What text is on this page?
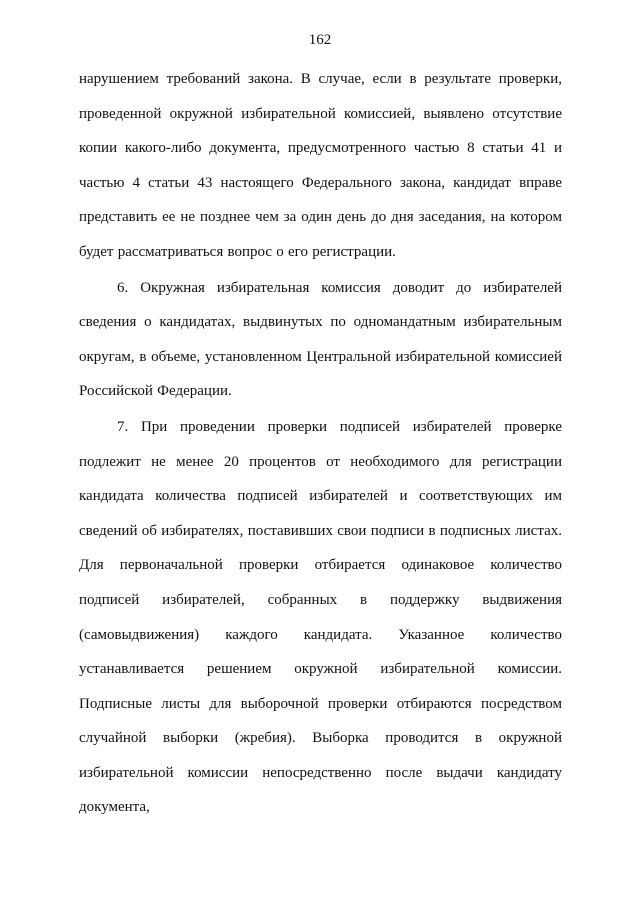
162

нарушением требований закона. В случае, если в результате проверки, проведенной окружной избирательной комиссией, выявлено отсутствие копии какого-либо документа, предусмотренного частью 8 статьи 41 и частью 4 статьи 43 настоящего Федерального закона, кандидат вправе представить ее не позднее чем за один день до дня заседания, на котором будет рассматриваться вопрос о его регистрации.

6. Окружная избирательная комиссия доводит до избирателей сведения о кандидатах, выдвинутых по одномандатным избирательным округам, в объеме, установленном Центральной избирательной комиссией Российской Федерации.

7. При проведении проверки подписей избирателей проверке подлежит не менее 20 процентов от необходимого для регистрации кандидата количества подписей избирателей и соответствующих им сведений об избирателях, поставивших свои подписи в подписных листах. Для первоначальной проверки отбирается одинаковое количество подписей избирателей, собранных в поддержку выдвижения (самовыдвижения) каждого кандидата. Указанное количество устанавливается решением окружной избирательной комиссии. Подписные листы для выборочной проверки отбираются посредством случайной выборки (жребия). Выборка проводится в окружной избирательной комиссии непосредственно после выдачи кандидату документа,
